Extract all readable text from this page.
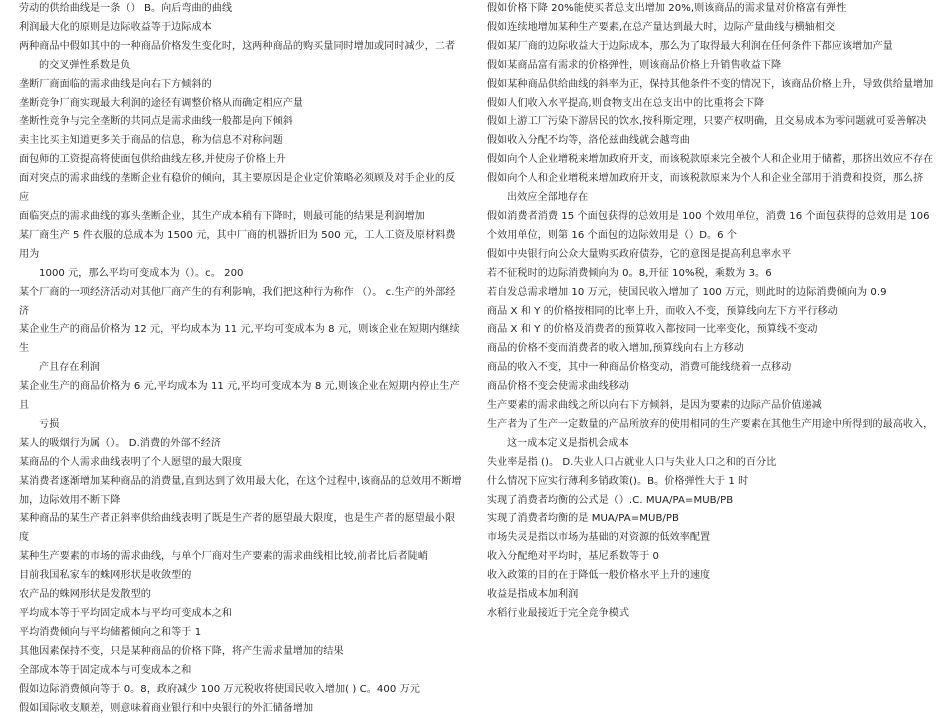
劳动的供给曲线是一条（） B。向后弯曲的曲线

利润最大化的原则是边际收益等于边际成本

两种商品中假如其中的一种商品价格发生变化时，这两种商品的购买量同时增加或同时减少，二者

的交叉弹性系数是负

垄断厂商面临的需求曲线是向右下方倾斜的

垄断竞争厂商实现最大利润的途径有调整价格从而确定相应产量

垄断性竞争与完全垄断的共同点是需求曲线一般都是向下倾斜

卖主比买主知道更多关于商品的信息，称为信息不对称问题

面包师的工资提高将使面包供给曲线左移,并使房子价格上升

面对突点的需求曲线的垄断企业有稳价的倾向，其主要原因是企业定价策略必须顾及对手企业的反应

面临突点的需求曲线的寡头垄断企业，其生产成本稍有下降时，则最可能的结果是利润增加

某厂商生产 5 件衣服的总成本为 1500 元，其中厂商的机器折旧为 500 元，工人工资及原材料费用为

1000 元，那么平均可变成本为（）。c。 200

某个厂商的一项经济活动对其他厂商产生的有利影响，我们把这种行为称作 （）。 c.生产的外部经济

某企业生产的商品价格为 12 元，平均成本为 11 元,平均可变成本为 8 元，则该企业在短期内继续生

产且存在利润

某企业生产的商品价格为 6 元,平均成本为 11 元,平均可变成本为 8 元,则该企业在短期内停止生产且

亏损

某人的吸烟行为属（）。 D.消费的外部不经济

某商品的个人需求曲线表明了个人愿望的最大限度

某消费者逐渐增加某种商品的消费量,直到达到了效用最大化，在这个过程中,该商品的总效用不断增加，边际效用不断下降

某种商品的某生产者正斜率供给曲线表明了既是生产者的愿望最大限度，也是生产者的愿望最小限度

某种生产要素的市场的需求曲线，与单个厂商对生产要素的需求曲线相比较,前者比后者陡峭

目前我国私家车的蛛网形状是收敛型的

农产品的蛛网形状是发散型的

平均成本等于平均固定成本与平均可变成本之和

平均消费倾向与平均储蓄倾向之和等于 1

其他因素保持不变，只是某种商品的价格下降，将产生需求量增加的结果

全部成本等于固定成本与可变成本之和

假如边际消费倾向等于 0。8，政府减少 100 万元税收将使国民收入增加( ) C。400 万元

假如国际收支顺差，则意味着商业银行和中央银行的外汇储备增加

假如价格下降 20%能使买者总支出增加 20%,则该商品的需求量对价格富有弹性

假如连续地增加某种生产要素,在总产量达到最大时，边际产量曲线与横轴相交

假如某厂商的边际收益大于边际成本，那么为了取得最大利润在任何条件下都应该增加产量

假如某商品富有需求的价格弹性，则该商品价格上升销售收益下降

假如某种商品供给曲线的斜率为正，保持其他条件不变的情况下，该商品价格上升，导致供给量增加

假如人们收入水平提高,则食物支出在总支出中的比重将会下降

假如上游工厂污染下游居民的饮水,按科斯定理，只要产权明确，且交易成本为零问题就可妥善解决

假如收入分配不均等，洛伦兹曲线就会越弯曲

假如向个人企业增税来增加政府开支，而该税款原来完全被个人和企业用于储蓄，那挤出效应不存在

假如向个人和企业增税来增加政府开支，而该税款原来为个人和企业全部用于消费和投资，那么挤

出效应全部地存在

假如消费者消费 15 个面包获得的总效用是 100 个效用单位，消费 16 个面包获得的总效用是 106 个效用单位，则第 16 个面包的边际效用是（）D。6 个

假如中央银行向公众大量购买政府债券，它的意图是提高利息率水平

若不征税时的边际消费倾向为 0。8,开征 10%税，乘数为 3。6

若自发总需求增加 10 万元，使国民收入增加了 100 万元，则此时的边际消费倾向为 0.9

商品 X 和 Y 的价格按相同的比率上升，而收入不变，预算线向左下方平行移动

商品 X 和 Y 的价格及消费者的预算收入都按同一比率变化，预算线不变动

商品的价格不变而消费者的收入增加,预算线向右上方移动

商品的收入不变，其中一种商品价格变动，消费可能线绕着一点移动

商品价格不变会使需求曲线移动

生产要素的需求曲线之所以向右下方倾斜，是因为要素的边际产品价值递减

生产者为了生产一定数量的产品所放弃的使用相同的生产要素在其他生产用途中所得到的最高收入，

这一成本定义是指机会成本

失业率是指 ()。 D.失业人口占就业人口与失业人口之和的百分比

什么情况下应实行薄利多销政策()。B。价格弹性大于 1 时

实现了消费者均衡的公式是（）.C. MUA/PA=MUB/PB

实现了消费者均衡的是 MUA/PA=MUB/PB

市场失灵是指以市场为基础的对资源的低效率配置

收入分配绝对平均时，基尼系数等于 0

收入政策的目的在于降低一般价格水平上升的速度

收益是指成本加利润

水稻行业最接近于完全竞争模式
